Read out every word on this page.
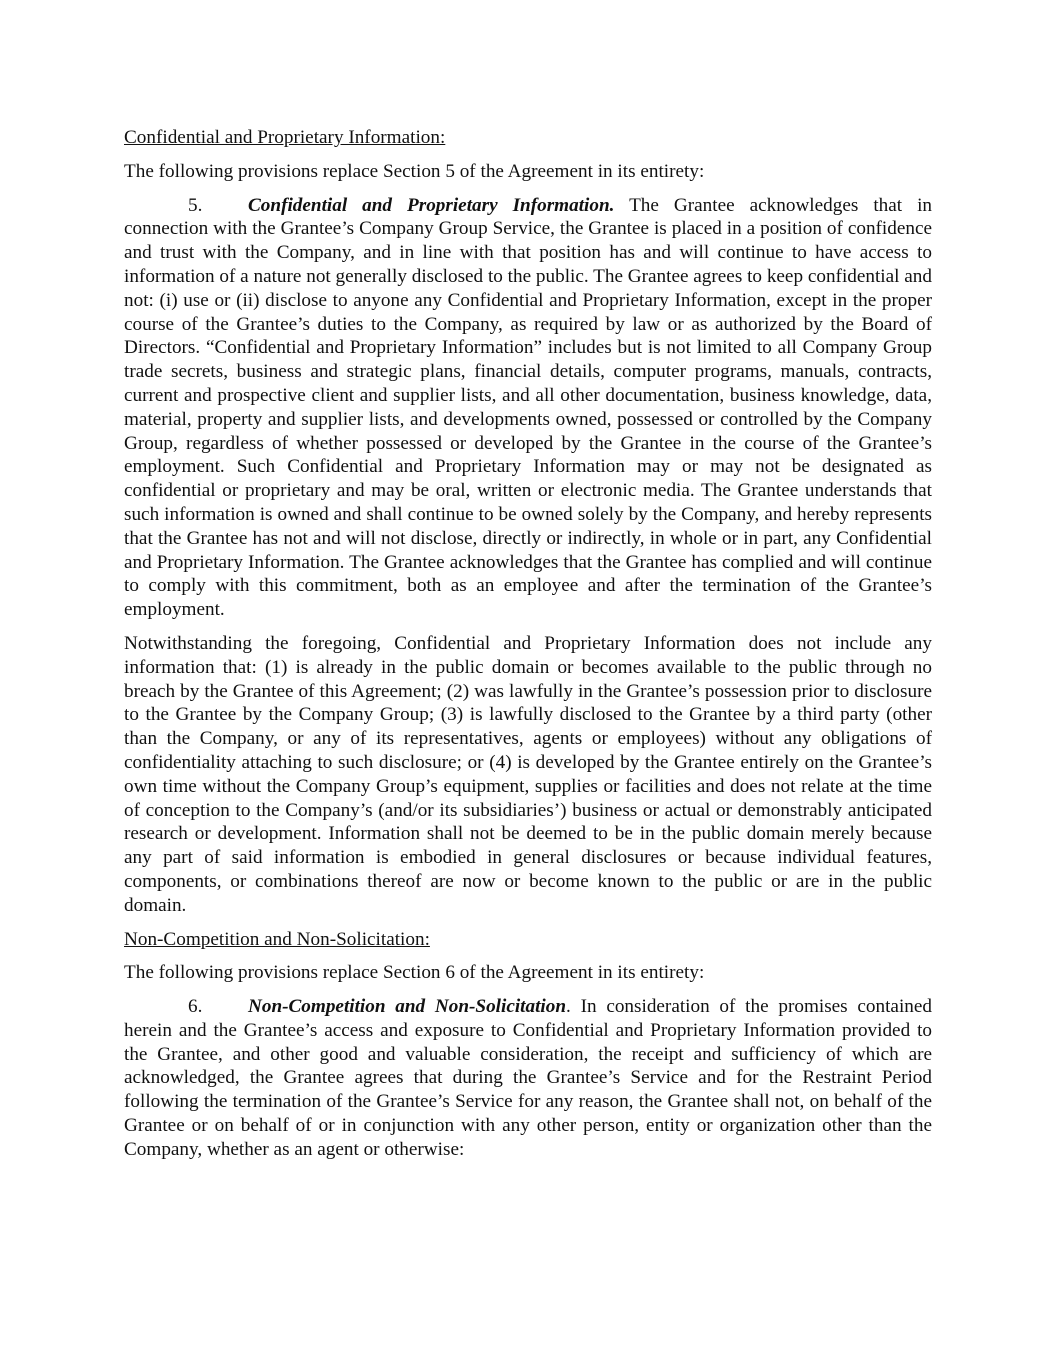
Confidential and Proprietary Information:

The following provisions replace Section 5 of the Agreement in its entirety:

5. Confidential and Proprietary Information. The Grantee acknowledges that in connection with the Grantee’s Company Group Service, the Grantee is placed in a position of confidence and trust with the Company, and in line with that position has and will continue to have access to information of a nature not generally disclosed to the public. The Grantee agrees to keep confidential and not: (i) use or (ii) disclose to anyone any Confidential and Proprietary Information, except in the proper course of the Grantee’s duties to the Company, as required by law or as authorized by the Board of Directors. “Confidential and Proprietary Information” includes but is not limited to all Company Group trade secrets, business and strategic plans, financial details, computer programs, manuals, contracts, current and prospective client and supplier lists, and all other documentation, business knowledge, data, material, property and supplier lists, and developments owned, possessed or controlled by the Company Group, regardless of whether possessed or developed by the Grantee in the course of the Grantee’s employment. Such Confidential and Proprietary Information may or may not be designated as confidential or proprietary and may be oral, written or electronic media. The Grantee understands that such information is owned and shall continue to be owned solely by the Company, and hereby represents that the Grantee has not and will not disclose, directly or indirectly, in whole or in part, any Confidential and Proprietary Information. The Grantee acknowledges that the Grantee has complied and will continue to comply with this commitment, both as an employee and after the termination of the Grantee’s employment.

Notwithstanding the foregoing, Confidential and Proprietary Information does not include any information that: (1) is already in the public domain or becomes available to the public through no breach by the Grantee of this Agreement; (2) was lawfully in the Grantee’s possession prior to disclosure to the Grantee by the Company Group; (3) is lawfully disclosed to the Grantee by a third party (other than the Company, or any of its representatives, agents or employees) without any obligations of confidentiality attaching to such disclosure; or (4) is developed by the Grantee entirely on the Grantee’s own time without the Company Group’s equipment, supplies or facilities and does not relate at the time of conception to the Company’s (and/or its subsidiaries’) business or actual or demonstrably anticipated research or development. Information shall not be deemed to be in the public domain merely because any part of said information is embodied in general disclosures or because individual features, components, or combinations thereof are now or become known to the public or are in the public domain.

Non-Competition and Non-Solicitation:

The following provisions replace Section 6 of the Agreement in its entirety:

6. Non-Competition and Non-Solicitation. In consideration of the promises contained herein and the Grantee’s access and exposure to Confidential and Proprietary Information provided to the Grantee, and other good and valuable consideration, the receipt and sufficiency of which are acknowledged, the Grantee agrees that during the Grantee’s Service and for the Restraint Period following the termination of the Grantee’s Service for any reason, the Grantee shall not, on behalf of the Grantee or on behalf of or in conjunction with any other person, entity or organization other than the Company, whether as an agent or otherwise:
